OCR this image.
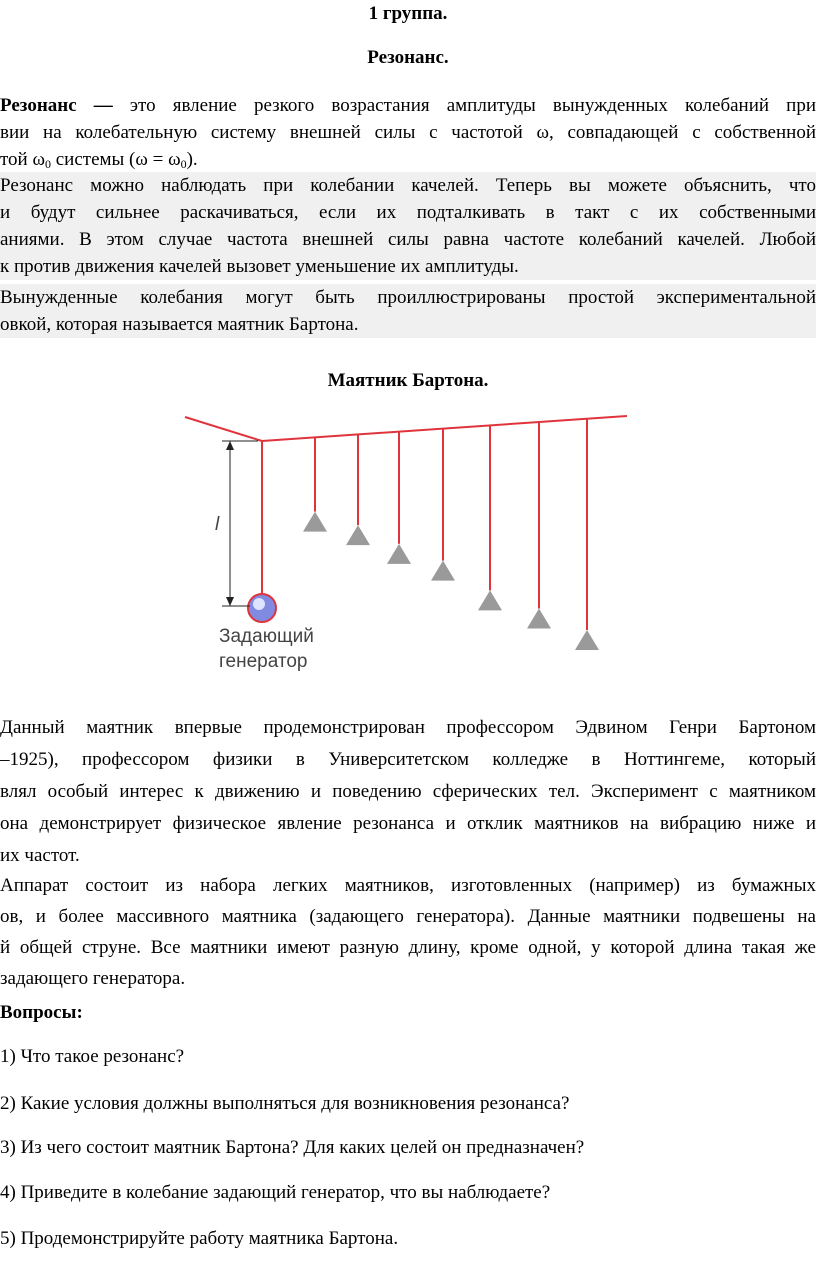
1 группа.
Резонанс.
Резонанс — это явление резкого возрастания амплитуды вынужденных колебаний при
вии на колебательную систему внешней силы с частотой ω, совпадающей с собственной
той $\omega_0$ системы $(\omega = \omega_0)$.
Резонанс можно наблюдать при колебании качелей. Теперь вы можете объяснить, что
и будут сильнее раскачиваться, если их подталкивать в такт с их собственными
аниями. В этом случае частота внешней силы равна частоте колебаний качелей. Любой
к против движения качелей вызовет уменьшение их амплитуды.
Вынужденные колебания могут быть проиллюстрированы простой экспериментальной
овкой, которая называется маятник Бартона.
Маятник Бартона.
l
Задающий
генератор
Данный маятник впервые продемонстрирован профессором Эдвином Генри Бартоном
–1925), профессором физики в Университетском колледже в Ноттингеме, который
влял особый интерес к движению и поведению сферических тел. Эксперимент с маятником
она демонстрирует физическое явление резонанса и отклик маятников на вибрацию ниже и
их частот.
Аппарат состоит из набора легких маятников, изготовленных (например) из бумажных
ов, и более массивного маятника (задающего генератора). Данные маятники подвешены на
й общей струне. Все маятники имеют разную длину, кроме одной, у которой длина такая же
задающего генератора.
Вопросы:
1) Что такое резонанс?
2) Какие условия должны выполняться для возникновения резонанса?
3) Из чего состоит маятник Бартона? Для каких целей он предназначен?
4) Приведите в колебание задающий генератор, что вы наблюдаете?
5) Продемонстрируйте работу маятника Бартона.
